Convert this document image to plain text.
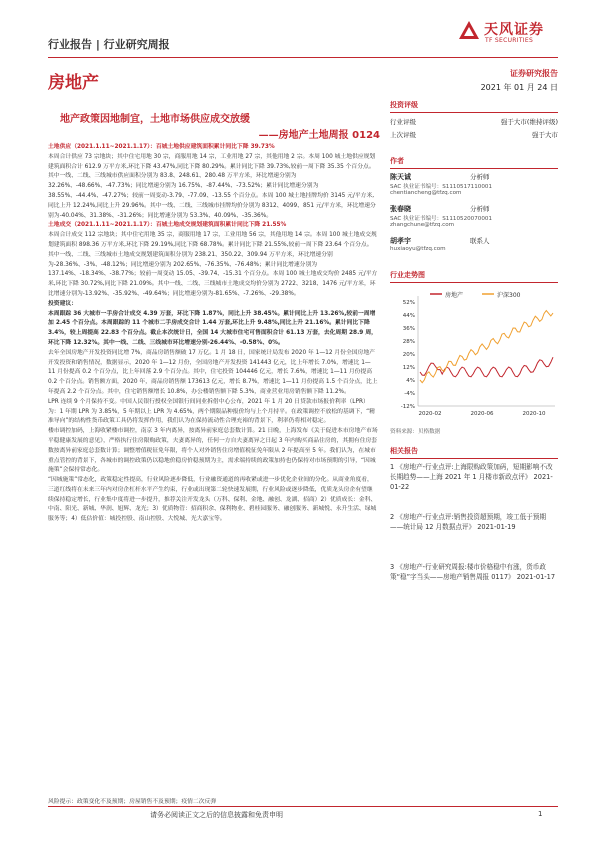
行业报告 | 行业研究周报
天风证券
TF SECURITIES
房地产	证券研究报告
2021 年 01 月 24 日
地产政策因地制宜，土地市场供应成交放缓
——房地产土地周报 0124

土地供应（2021.1.11~2021.1.17）：百城土地供应建筑面积累计同比下降 39.73%

本周合计供应 73 宗地块；其中住宅用地 30 宗，商服用地 14 宗，工业用地 27 宗，其他用地 2 宗。本周 100 城土地供应规划建筑面积合计 612.9 万平方米,环比下降 43.47%,同比下降 80.29%。累计同比下降 39.73%,较前一周下降 35.35 个百分点。其中一线、二线、三线城市供应面积分别为 83.8、248.61、280.48 万平方米，环比增速分别为 32.26%、-48.66%、-47.73%；同比增速分别为 16.75%、-87.44%、-73.52%；累计同比增速分别为 38.55%、-44.4%、-47.27%；较前一周变动-3.79、-77.09、-13.55 个百分点。本周 100 城土地挂牌均价 3145 元/平方米,同比上升 12.24%,同比上升 29.96%。其中一线、二线、三线城市挂牌均价分别为 8312、4099、851 元/平方米，环比增速分别为-40.04%、31.38%、-31.26%；同比增速分别为 53.3%、40.09%、-35.36%。

土地成交（2021.1.11~2021.1.17）：百城土地成交规划建筑面积累计同比下降 21.55%

本周合计成交 112 宗地块；其中住宅用地 35 宗，商服用地 17 宗，工业用地 56 宗，其他用地 14 宗。本周 100 城土地成交规划建筑面积 898.36 万平方米,环比下降 29.19%,同比下降 68.78%。累计同比下降 21.55%,较前一周下降 23.64 个百分点。其中一线、二线、三线城市土地成交规划建筑面积分别为 238.21、350.22、309.94 万平方米，环比增速分别为-28.36%、-3%、-48.12%；同比增速分别为 202.65%、-76.35%、-76.48%；累计同比增速分别为 137.14%、-18.34%、-38.77%；较前一周变动 15.05、-39.74、-15.31 个百分点。本周 100 城土地成交均价 2485 元/平方米,环比下降 30.72%,同比下降 21.09%。其中一线、二线、三线城市土地成交均价分别为 2722、3218、1476 元/平方米，环比增速分别为-13.92%、-35.92%、-49.64%；同比增速分别为-81.65%、-7.26%、-29.38%。

投资建议：

本周跟踪 36 大城市一手房合计成交 4.39 万套，环比下降 1.87%，同比上升 38.45%。累计同比上升 13.26%,较前一周增加 2.45 个百分点。本周跟踪的 11 个城市二手房成交合计 1.44 万套,环比上升 9.48%,同比上升 21.16%。累计同比下降 3.4%，较上周提高 22.83 个百分点。截止本次统计日，全国 14 大城市住宅可售面积合计 61.13 万套，去化周期 28.9 周，环比下降 12.32%。其中一线、二线、三线城市环比增速分别-26.44%、-0.58%、0%。

去年全国房地产开发投资同比增 7%，商品房销售额破 17 万亿。1 月 18 日，国家统计局发布 2020 年 1—12 月份全国房地产开发投资和销售情况，数据显示，2020 年 1—12 月份，全国房地产开发投资 141443 亿元，比上年增长 7.0%，增速比 1—11 月份提高 0.2 个百分点，比上年回落 2.9 个百分点。其中，住宅投资 104446 亿元，增长 7.6%，增速比 1—11 月份提高 0.2 个百分点。销售额方面，2020 年，商品房销售额 173613 亿元，增长 8.7%，增速比 1—11 月份提高 1.5 个百分点，比上年提高 2.2 个百分点。其中，住宅销售额增长 10.8%，办公楼销售额下降 5.3%，商业营业用房销售额下降 11.2%。

LPR 连续 9 个月保持不变。中国人民银行授权全国银行间同业拆借中心公布，2021 年 1 月 20 日贷款市场报价利率（LPR）为：1 年期 LPR 为 3.85%，5 年期以上 LPR 为 4.65%，两个期限品种报价均与上个月持平。在政策调控不放松的基调下，“精准导向”的结构性货币政策工具仍将发挥作用，我们认为在保持流动性合理充裕的背景下，利率仍将相对稳定。

楼市调控加码，上海收紧楼市调控，南京 3 年内离异，按离异前家庭总套数计算。21 日晚，上海发布《关于促进本市房地产市场平稳健康发展的意见》，严格执行住房限购政策，夫妻离异的，任何一方自夫妻离异之日起 3 年内购买商品住房的，其拥有住房套数按离异前家庭总套数计算；调整增值税征免年限，将个人对外销售住房增值税征免年限从 2 年提高至 5 年。我们认为，在城市重点管控的背景下，各城市的调控政策仍以稳地价稳房价稳预期为主，需求端持续的政策加持也仍保持对市场预期的引导，“因城施策”会保持常态化。

“因城施策”常态化，政策稳定性提高，行业风险逐步降低，行业融资通道的再收紧或进一步优化企业间的分化。从商业角度看，三道红线将在未来三年内对房企杠杆水平产生约束，行业或出现第二轮快速发展期，行业风险或逐步降低，优质龙头房企有望继续保持稳定增长，行业集中度将进一步提升，推荐关注开发龙头（万科、保利、金地、融创、龙湖、招商）2）优质成长：金科、中南、阳光、新城、华润、旭辉、龙光；3）优质物管：招商积余、保利物业、碧桂园服务、融创服务、新城悦、永升生活、绿城服务等；4）低估价值：城投控股、南山控股、大悦城、光大嘉宝等。

风险提示：政策变化不及预期；房屋销售不及预期；疫情二次反弹
投资评级
行业评级	强于大市(维持评级)
上次评级	强于大市
作者
陈天诚	分析师
SAC 执业证书编号：S1110517110001
chentiancheng@tfzq.com
张春晓	分析师
SAC 执业证书编号：S1110520070001
zhangchune@tfzq.com
胡孝宇	联系人
huxiaoyu@tfzq.com
行业走势图
52%
44%
36%
28%
20%
12%
4%
-4%
-12%
2020-02	2020-06	2020-10
房地产	沪深300
资料来源：贝格数据
相关报告
1 《房地产-行业点评:上海限购政策加码，短期影响不改长期趋势——上海 2021 年 1 月楼市新政点评》 2021-01-22
2 《房地产-行业点评:销售投资超预期，竣工低于预期——统计局 12 月数据点评》 2021-01-19
3 《房地产-行业研究周报:楼市价格稳中有涨，货币政策“稳”字当头——房地产销售周报 0117》 2021-01-17
请务必阅读正文之后的信息披露和免责申明	1
